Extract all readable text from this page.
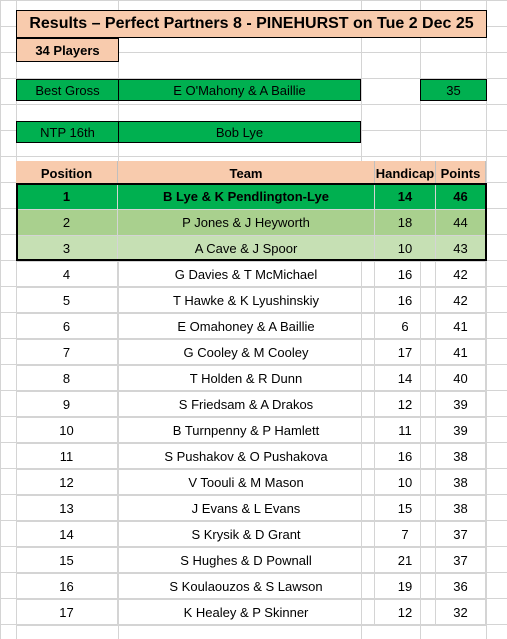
Results – Perfect Partners 8 - PINEHURST on Tue 2 Dec 25
34 Players
Best Gross	E O'Mahony & A Baillie	35
NTP 16th	Bob Lye
Position	Team	Handicap Points
1	B Lye & K Pendlington-Lye	14	46
2	P Jones & J Heyworth	18	44
3	A Cave & J Spoor	10	43
4	G Davies & T McMichael	16	42
5	T Hawke & K Lyushinskiy	16	42
6	E Omahoney & A Baillie	6	41
7	G Cooley & M Cooley	17	41
8	T Holden & R Dunn	14	40
9	S Friedsam & A Drakos	12	39
10	B Turnpenny & P Hamlett	11	39
11	S Pushakov & O Pushakova	16	38
12	V Toouli & M Mason	10	38
13	J Evans & L Evans	15	38
14	S Krysik & D Grant	7	37
15	S Hughes & D Pownall	21	37
16	S Koulaouzos & S Lawson	19	36
17	K Healey & P Skinner	12	32
